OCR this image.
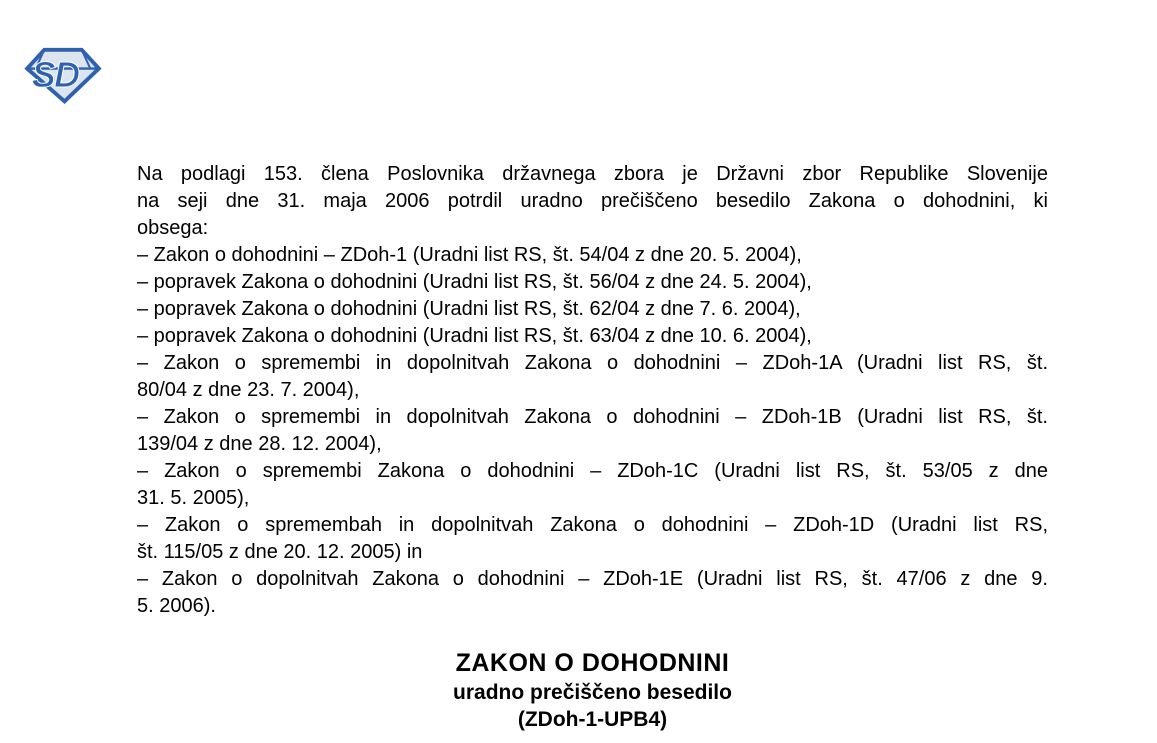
SD
Na podlagi 153. člena Poslovnika državnega zbora je Državni zbor Republike Slovenije
na seji dne 31. maja 2006 potrdil uradno prečiščeno besedilo Zakona o dohodnini, ki
obsega:
– Zakon o dohodnini – ZDoh-1 (Uradni list RS, št. 54/04 z dne 20. 5. 2004),
– popravek Zakona o dohodnini (Uradni list RS, št. 56/04 z dne 24. 5. 2004),
– popravek Zakona o dohodnini (Uradni list RS, št. 62/04 z dne 7. 6. 2004),
– popravek Zakona o dohodnini (Uradni list RS, št. 63/04 z dne 10. 6. 2004),
– Zakon o spremembi in dopolnitvah Zakona o dohodnini – ZDoh-1A (Uradni list RS, št.
80/04 z dne 23. 7. 2004),
– Zakon o spremembi in dopolnitvah Zakona o dohodnini – ZDoh-1B (Uradni list RS, št.
139/04 z dne 28. 12. 2004),
– Zakon o spremembi Zakona o dohodnini – ZDoh-1C (Uradni list RS, št. 53/05 z dne
31. 5. 2005),
– Zakon o spremembah in dopolnitvah Zakona o dohodnini – ZDoh-1D (Uradni list RS,
št. 115/05 z dne 20. 12. 2005) in
– Zakon o dopolnitvah Zakona o dohodnini – ZDoh-1E (Uradni list RS, št. 47/06 z dne 9.
5. 2006).
ZAKON O DOHODNINI
uradno prečiščeno besedilo
(ZDoh-1-UPB4)
